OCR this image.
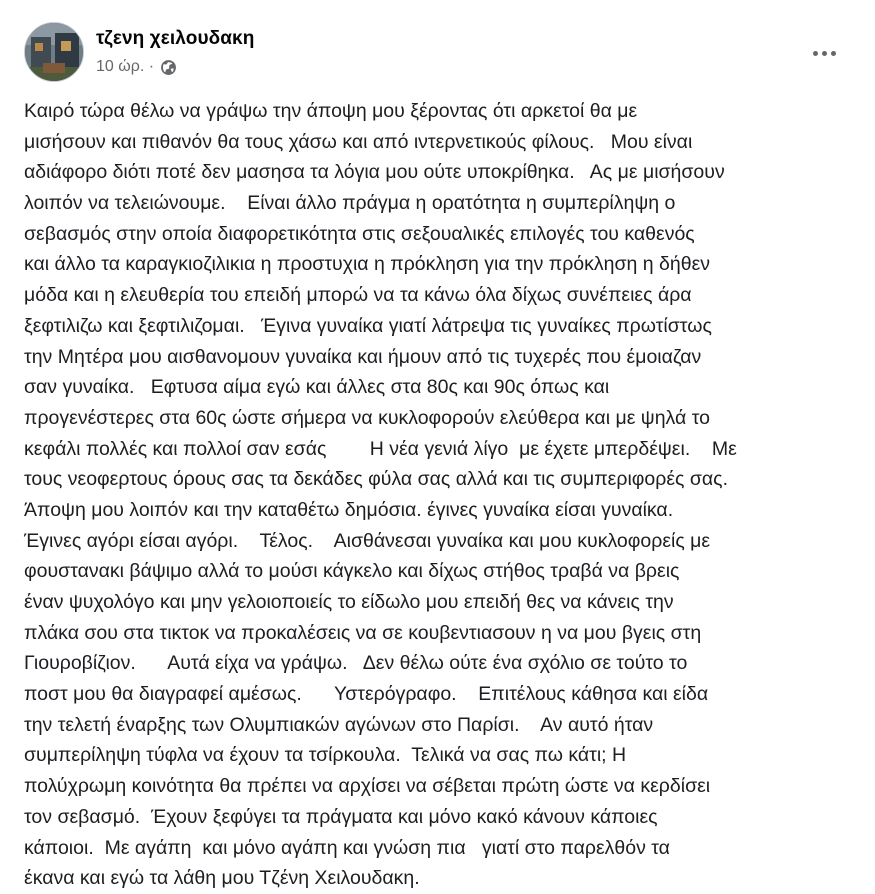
τζενη χειλουδακη
10 ώρ. ·
Καιρό τώρα θέλω να γράψω την άποψη μου ξέροντας ότι αρκετοί θα με
μισήσουν και πιθανόν θα τους χάσω και από ιντερνετικούς φίλους.   Μου είναι
αδιάφορο διότι ποτέ δεν μασησα τα λόγια μου ούτε υποκρίθηκα.   Ας με μισήσουν
λοιπόν να τελειώνουμε.    Είναι άλλο πράγμα η ορατότητα η συμπερίληψη ο
σεβασμός στην οποία διαφορετικότητα στις σεξουαλικές επιλογές του καθενός
και άλλο τα καραγκιοζιλικια η προστυχια η πρόκληση για την πρόκληση η δήθεν
μόδα και η ελευθερία του επειδή μπορώ να τα κάνω όλα δίχως συνέπειες άρα
ξεφτιλιζω και ξεφτιλιζομαι.   Έγινα γυναίκα γιατί λάτρεψα τις γυναίκες πρωτίστως
την Μητέρα μου αισθανομουν γυναίκα και ήμουν από τις τυχερές που έμοιαζαν
σαν γυναίκα.   Εφτυσα αίμα εγώ και άλλες στα 80ς και 90ς όπως και
προγενέστερες στα 60ς ώστε σήμερα να κυκλοφορούν ελεύθερα και με ψηλά το
κεφάλι πολλές και πολλοί σαν εσάς        Η νέα γενιά λίγο  με έχετε μπερδέψει.    Με
τους νεοφερτους όρους σας τα δεκάδες φύλα σας αλλά και τις συμπεριφορές σας.
Άποψη μου λοιπόν και την καταθέτω δημόσια. έγινες γυναίκα είσαι γυναίκα.
Έγινες αγόρι είσαι αγόρι.    Τέλος.    Αισθάνεσαι γυναίκα και μου κυκλοφορείς με
φουστανακι βάψιμο αλλά το μούσι κάγκελο και δίχως στήθος τραβά να βρεις
έναν ψυχολόγο και μην γελοιοποιείς το είδωλο μου επειδή θες να κάνεις την
πλάκα σου στα τικτοκ να προκαλέσεις να σε κουβεντιασουν η να μου βγεις στη
Γιουροβίζιον.      Αυτά είχα να γράψω.   Δεν θέλω ούτε ένα σχόλιο σε τούτο το
ποστ μου θα διαγραφεί αμέσως.      Υστερόγραφο.    Επιτέλους κάθησα και είδα
την τελετή έναρξης των Ολυμπιακών αγώνων στο Παρίσι.    Αν αυτό ήταν
συμπερίληψη τύφλα να έχουν τα τσίρκουλα.  Τελικά να σας πω κάτι; Η
πολύχρωμη κοινότητα θα πρέπει να αρχίσει να σέβεται πρώτη ώστε να κερδίσει
τον σεβασμό.  Έχουν ξεφύγει τα πράγματα και μόνο κακό κάνουν κάποιες
κάποιοι.  Με αγάπη  και μόνο αγάπη και γνώση πια   γιατί στο παρελθόν τα
έκανα και εγώ τα λάθη μου Τζένη Χειλουδακη.
